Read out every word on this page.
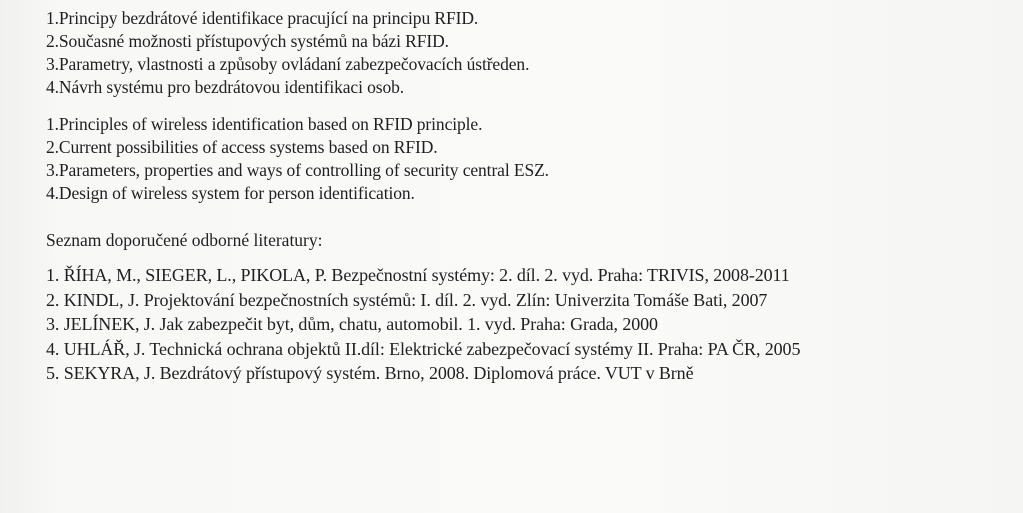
1.Principy bezdrátové identifikace pracující na principu RFID.
2.Současné možnosti přístupových systémů na bázi RFID.
3.Parametry, vlastnosti a způsoby ovládaní zabezpečovacích ústředen.
4.Návrh systému pro bezdrátovou identifikaci osob.
1.Principles of wireless identification based on RFID principle.
2.Current possibilities of access systems based on RFID.
3.Parameters, properties and ways of controlling of security central ESZ.
4.Design of wireless system for person identification.
Seznam doporučené odborné literatury:
1. ŘÍHA, M., SIEGER, L., PIKOLA, P. Bezpečnostní systémy: 2. díl. 2. vyd. Praha: TRIVIS, 2008-2011
2. KINDL, J. Projektování bezpečnostních systémů: I. díl. 2. vyd. Zlín: Univerzita Tomáše Bati, 2007
3. JELÍNEK, J. Jak zabezpečit byt, dům, chatu, automobil. 1. vyd. Praha: Grada, 2000
4. UHLÁŘ, J. Technická ochrana objektů II.díl: Elektrické zabezpečovací systémy II. Praha: PA ČR, 2005
5. SEKYRA, J. Bezdrátový přístupový systém. Brno, 2008. Diplomová práce. VUT v Brně
